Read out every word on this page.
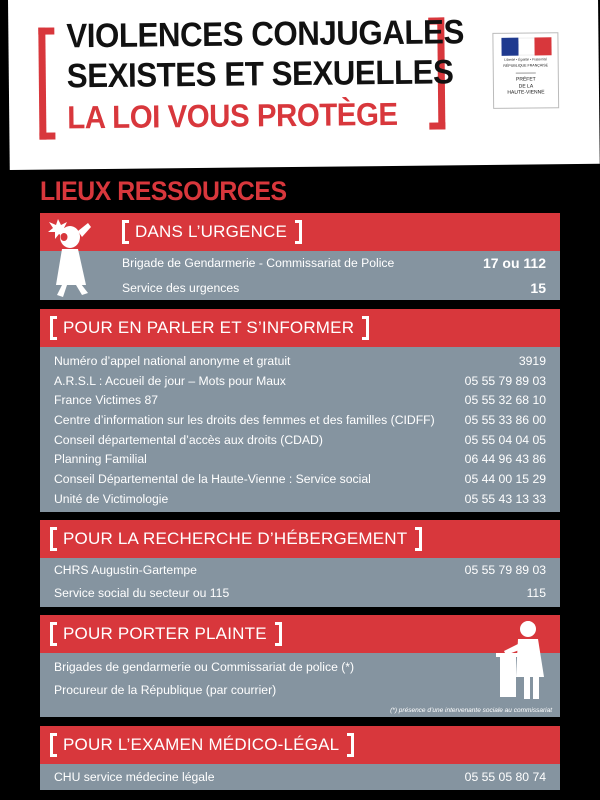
VIOLENCES CONJUGALES
SEXISTES ET SEXUELLES
LA LOI VOUS PROTÈGE
Liberté • Égalité • Fraternité
RÉPUBLIQUE FRANÇAISE
PRÉFET
DE LA
HAUTE-VIENNE
LIEUX RESSOURCES
DANS L’URGENCE
Brigade de Gendarmerie - Commissariat de Police	17 ou 112
Service des urgences	15
POUR EN PARLER ET S’INFORMER
Numéro d’appel national anonyme et gratuit	3919
A.R.S.L : Accueil de jour – Mots pour Maux	05 55 79 89 03
France Victimes 87	05 55 32 68 10
Centre d’information sur les droits des femmes et des familles (CIDFF) 05 55 33 86 00
Conseil départemental d’accès aux droits (CDAD)	05 55 04 04 05
Planning Familial	06 44 96 43 86
Conseil Départemental de la Haute-Vienne : Service social	05 44 00 15 29
Unité de Victimologie	05 55 43 13 33
POUR LA RECHERCHE D’HÉBERGEMENT
CHRS Augustin-Gartempe	05 55 79 89 03
Service social du secteur ou 115	115
POUR PORTER PLAINTE
Brigades de gendarmerie ou Commissariat de police (*)
Procureur de la République (par courrier)
(*) présence d’une intervenante sociale au commissariat
POUR L’EXAMEN MÉDICO-LÉGAL
CHU service médecine légale	05 55 05 80 74
